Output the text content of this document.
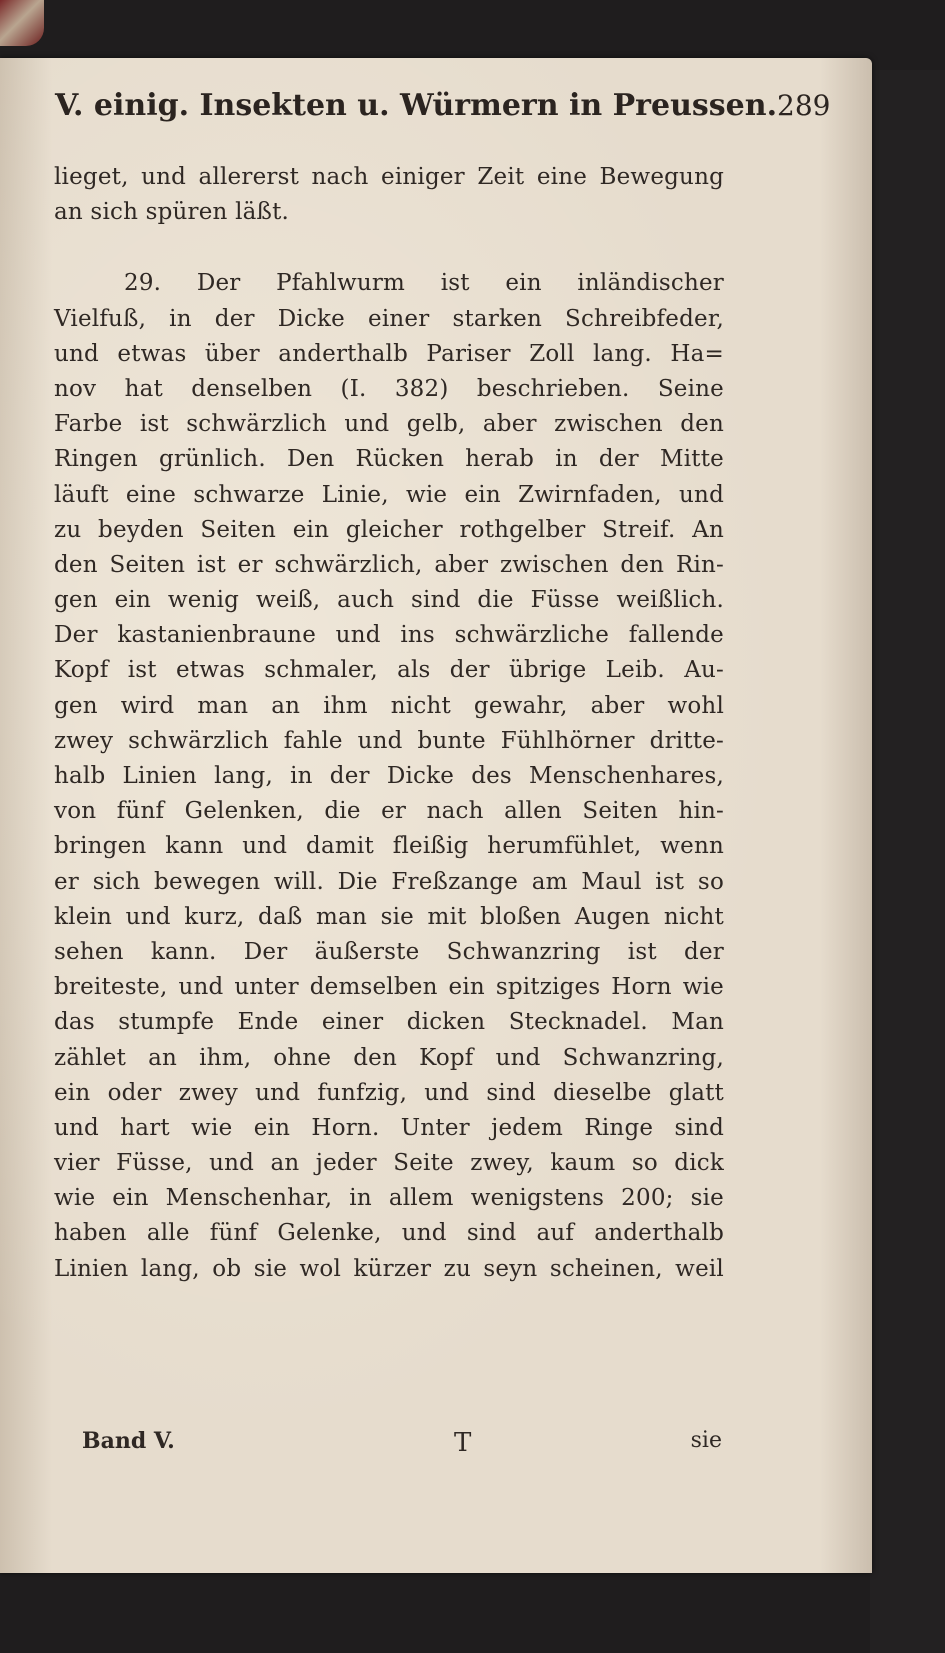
V. einig. Insekten u. Würmern in Preussen. 289
lieget, und allererst nach einiger Zeit eine Bewegung
an sich spüren läßt.
29. Der Pfahlwurm ist ein inländischer
Vielfuß, in der Dicke einer starken Schreibfeder,
und etwas über anderthalb Pariser Zoll lang. Ha=
nov hat denselben (I. 382) beschrieben. Seine
Farbe ist schwärzlich und gelb, aber zwischen den
Ringen grünlich. Den Rücken herab in der Mitte
läuft eine schwarze Linie, wie ein Zwirnfaden, und
zu beyden Seiten ein gleicher rothgelber Streif. An
den Seiten ist er schwärzlich, aber zwischen den Rin-
gen ein wenig weiß, auch sind die Füsse weißlich.
Der kastanienbraune und ins schwärzliche fallende
Kopf ist etwas schmaler, als der übrige Leib. Au-
gen wird man an ihm nicht gewahr, aber wohl
zwey schwärzlich fahle und bunte Fühlhörner dritte-
halb Linien lang, in der Dicke des Menschenhares,
von fünf Gelenken, die er nach allen Seiten hin-
bringen kann und damit fleißig herumfühlet, wenn
er sich bewegen will. Die Freßzange am Maul ist so
klein und kurz, daß man sie mit bloßen Augen nicht
sehen kann. Der äußerste Schwanzring ist der
breiteste, und unter demselben ein spitziges Horn wie
das stumpfe Ende einer dicken Stecknadel. Man
zählet an ihm, ohne den Kopf und Schwanzring,
ein oder zwey und funfzig, und sind dieselbe glatt
und hart wie ein Horn. Unter jedem Ringe sind
vier Füsse, und an jeder Seite zwey, kaum so dick
wie ein Menschenhar, in allem wenigstens 200; sie
haben alle fünf Gelenke, und sind auf anderthalb
Linien lang, ob sie wol kürzer zu seyn scheinen, weil
Band V.	T	sie
